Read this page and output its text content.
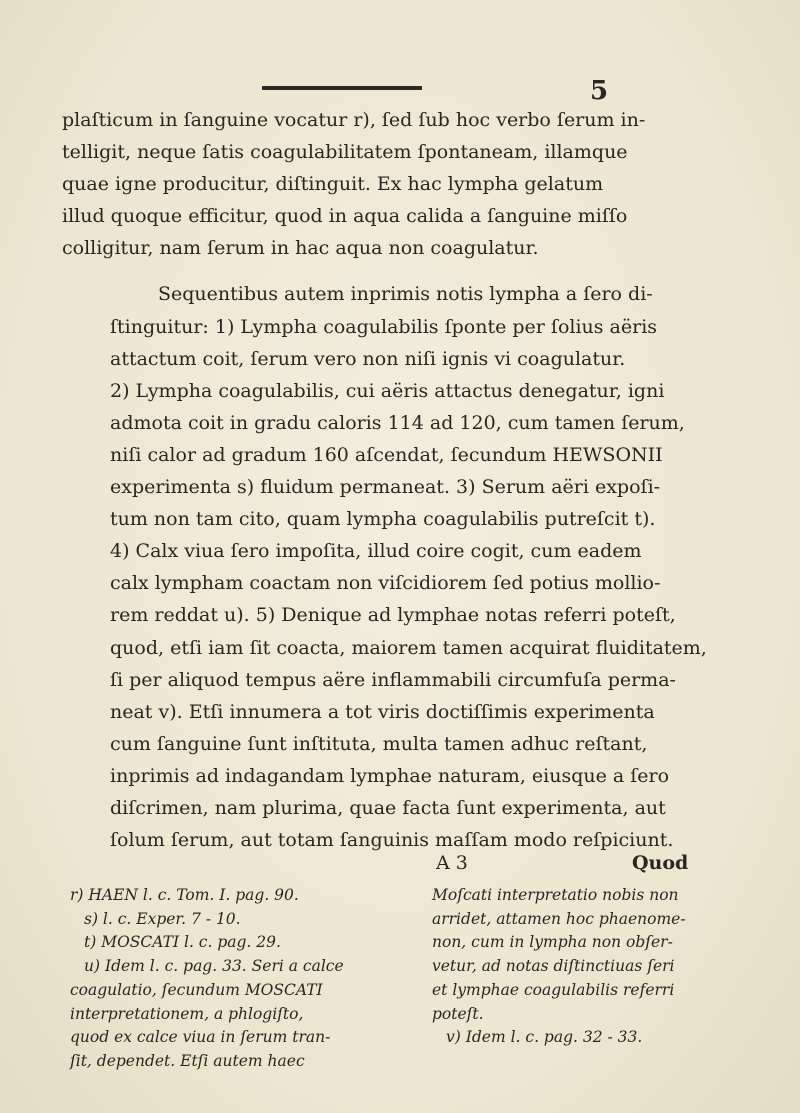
5

plaſticum in ſanguine vocatur r), ſed ſub hoc verbo ſerum in-
telligit, neque ſatis coagulabilitatem ſpontaneam, illamque
quae igne producitur, diſtinguit. Ex hac lympha gelatum
illud quoque efficitur, quod in aqua calida a ſanguine miſſo
colligitur, nam ſerum in hac aqua non coagulatur.

Sequentibus autem inprimis notis lympha a ſero di-
ſtinguitur: 1) Lympha coagulabilis ſponte per ſolius aëris
attactum coit, ſerum vero non niſi ignis vi coagulatur.
2) Lympha coagulabilis, cui aëris attactus denegatur, igni
admota coit in gradu caloris 114 ad 120, cum tamen ſerum,
niſi calor ad gradum 160 aſcendat, ſecundum HEWSONII
experimenta s) fluidum permaneat. 3) Serum aëri expoſi-
tum non tam cito, quam lympha coagulabilis putreſcit t).
4) Calx viua ſero impoſita, illud coire cogit, cum eadem
calx lympham coactam non viſcidiorem ſed potius mollio-
rem reddat u). 5) Denique ad lymphae notas referri poteſt,
quod, etſi iam ſit coacta, maiorem tamen acquirat fluiditatem,
ſi per aliquod tempus aëre inflammabili circumfuſa perma-
neat v). Etſi innumera a tot viris doctiſſimis experimenta
cum ſanguine ſunt inſtituta, multa tamen adhuc reſtant,
inprimis ad indagandam lymphae naturam, eiusque a ſero
diſcrimen, nam plurima, quae facta ſunt experimenta, aut
ſolum ſerum, aut totam ſanguinis maſſam modo reſpiciunt.

A 3	Quod
r) HAEN l. c. Tom. I. pag. 90.
s) l. c. Exper. 7 - 10.
t) MOSCATI l. c. pag. 29.
u) Idem l. c. pag. 33. Seri a calce
coagulatio, ſecundum MOSCATI
interpretationem, a phlogiſto,
quod ex calce viua in ſerum tran-
ſit, dependet. Etſi autem haec
Moſcati interpretatio nobis non
arridet, attamen hoc phaenome-
non, cum in lympha non obſer-
vetur, ad notas diſtinctiuas ſeri
et lymphae coagulabilis referri
poteſt.
v) Idem l. c. pag. 32 - 33.
